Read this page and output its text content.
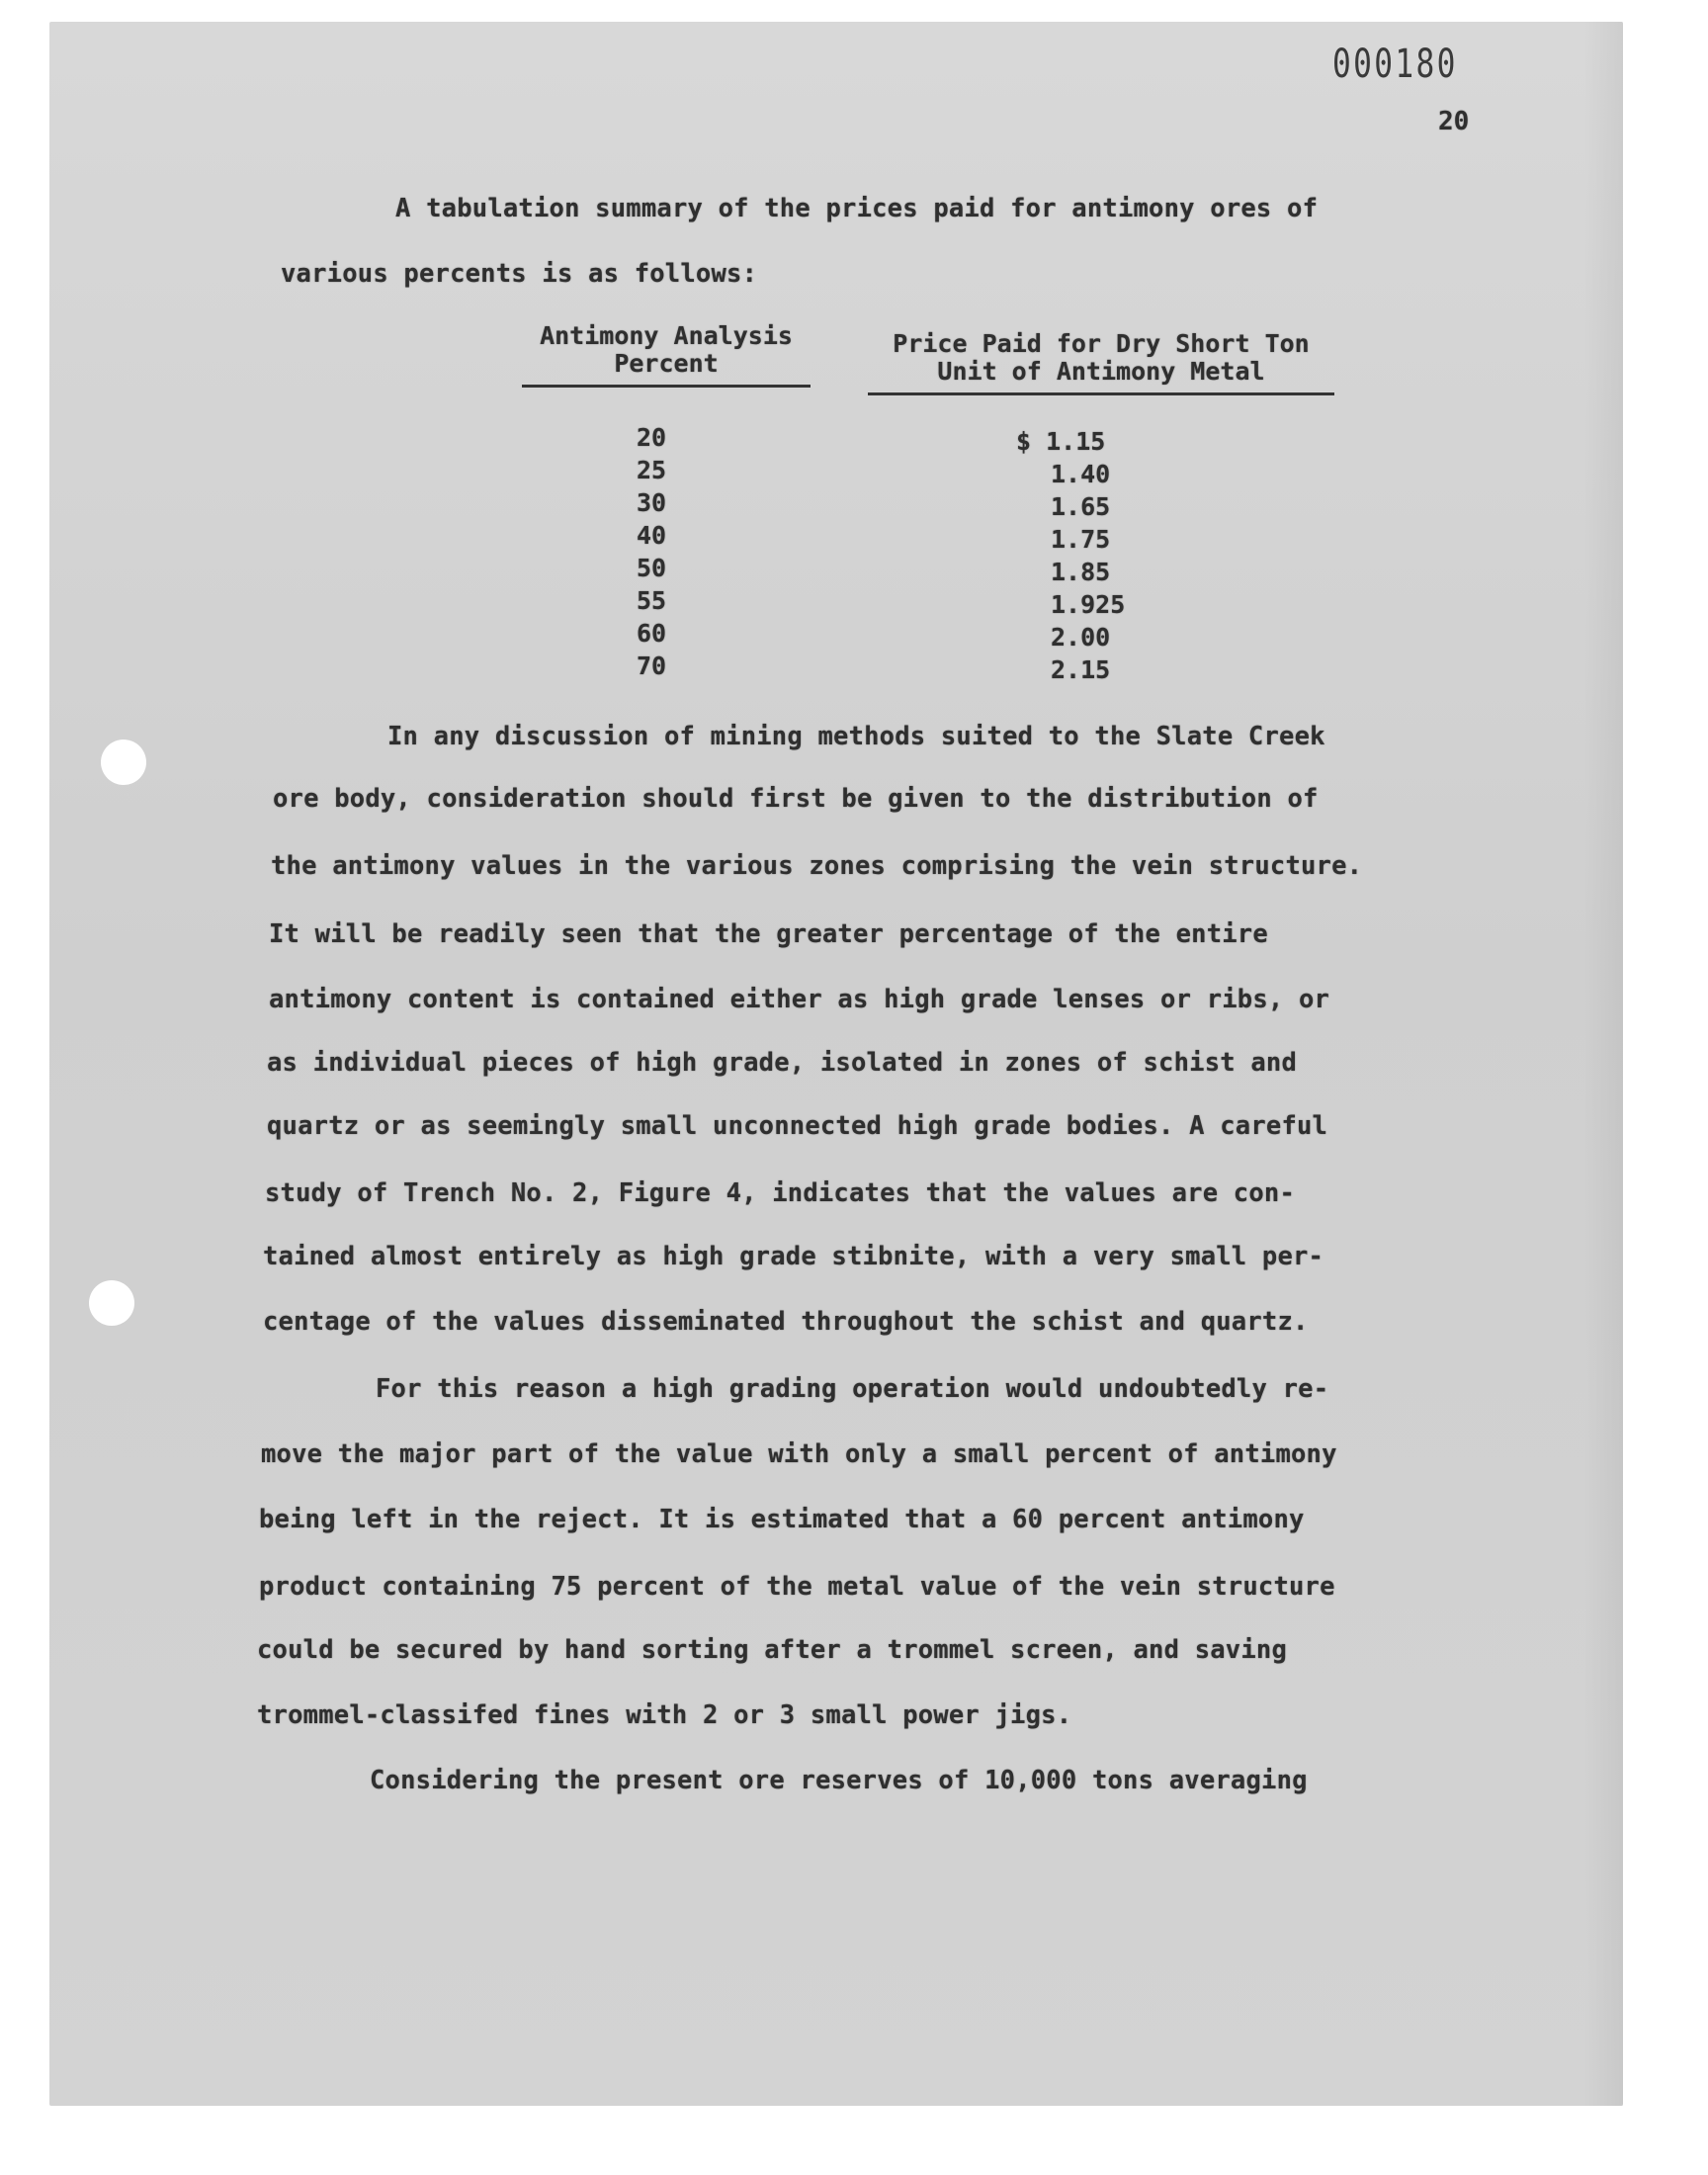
000180
20
A tabulation summary of the prices paid for antimony ores of
various percents is as follows:
Antimony Analysis
Percent
Price Paid for Dry Short Ton
Unit of Antimony Metal
20
25
30
40
50
55
60
70
$ 1.15
1.40
1.65
1.75
1.85
1.925
2.00
2.15
In any discussion of mining methods suited to the Slate Creek
ore body, consideration should first be given to the distribution of
the antimony values in the various zones comprising the vein structure.
It will be readily seen that the greater percentage of the entire
antimony content is contained either as high grade lenses or ribs, or
as individual pieces of high grade, isolated in zones of schist and
quartz or as seemingly small unconnected high grade bodies. A careful
study of Trench No. 2, Figure 4, indicates that the values are con-
tained almost entirely as high grade stibnite, with a very small per-
centage of the values disseminated throughout the schist and quartz.
For this reason a high grading operation would undoubtedly re-
move the major part of the value with only a small percent of antimony
being left in the reject. It is estimated that a 60 percent antimony
product containing 75 percent of the metal value of the vein structure
could be secured by hand sorting after a trommel screen, and saving
trommel-classifed fines with 2 or 3 small power jigs.
Considering the present ore reserves of 10,000 tons averaging
